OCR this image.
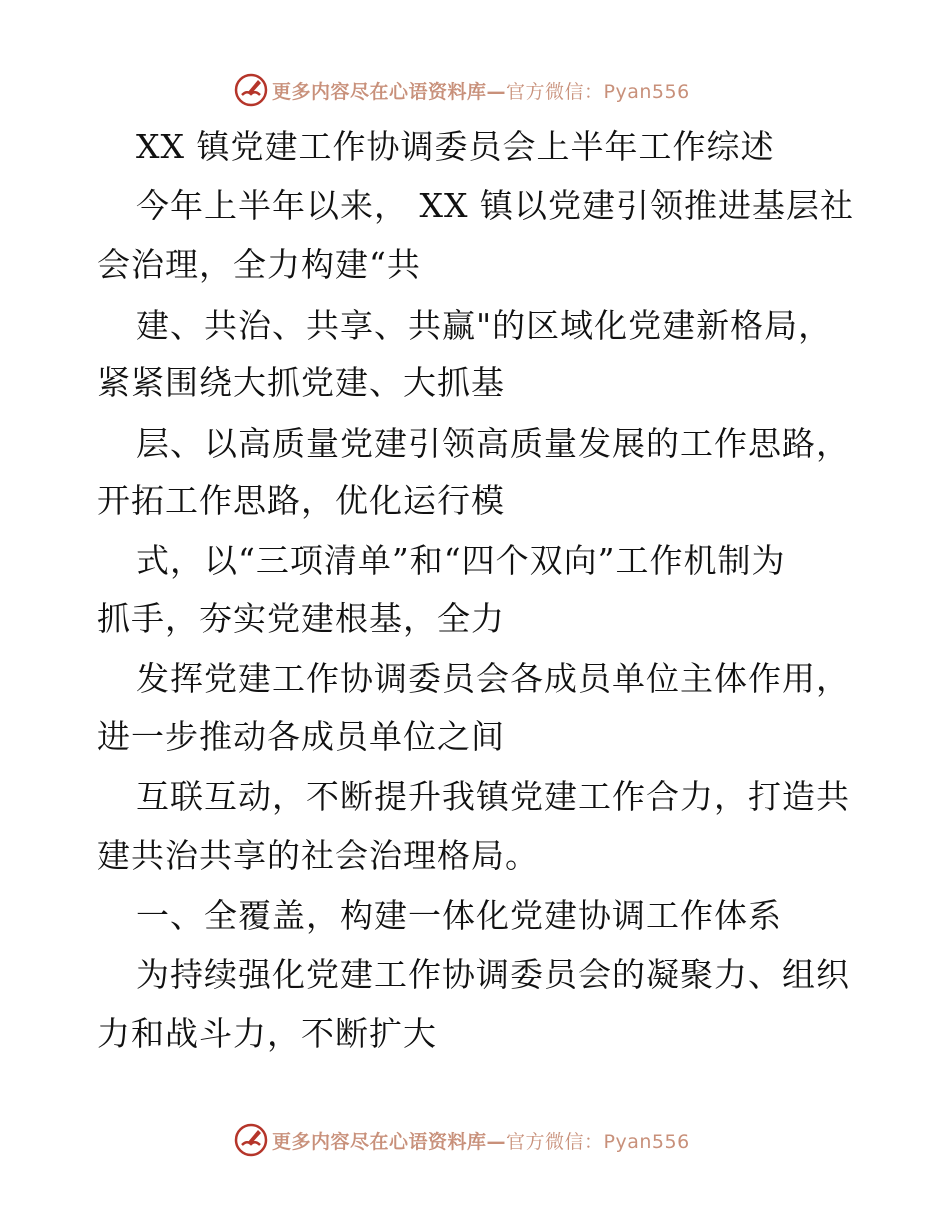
更多内容尽在心语资料库—官方微信：Pyan556
XX 镇党建工作协调委员会上半年工作综述
今年上半年以来， XX 镇以党建引领推进基层社
会治理，全力构建“共
建、共治、共享、共赢"的区域化党建新格局，
紧紧围绕大抓党建、大抓基
层、以高质量党建引领高质量发展的工作思路，
开拓工作思路，优化运行模
式，以“三项清单”和“四个双向”工作机制为
抓手，夯实党建根基，全力
发挥党建工作协调委员会各成员单位主体作用，
进一步推动各成员单位之间
互联互动，不断提升我镇党建工作合力，打造共
建共治共享的社会治理格局。
一、全覆盖，构建一体化党建协调工作体系
为持续强化党建工作协调委员会的凝聚力、组织
力和战斗力，不断扩大
更多内容尽在心语资料库—官方微信：Pyan556
